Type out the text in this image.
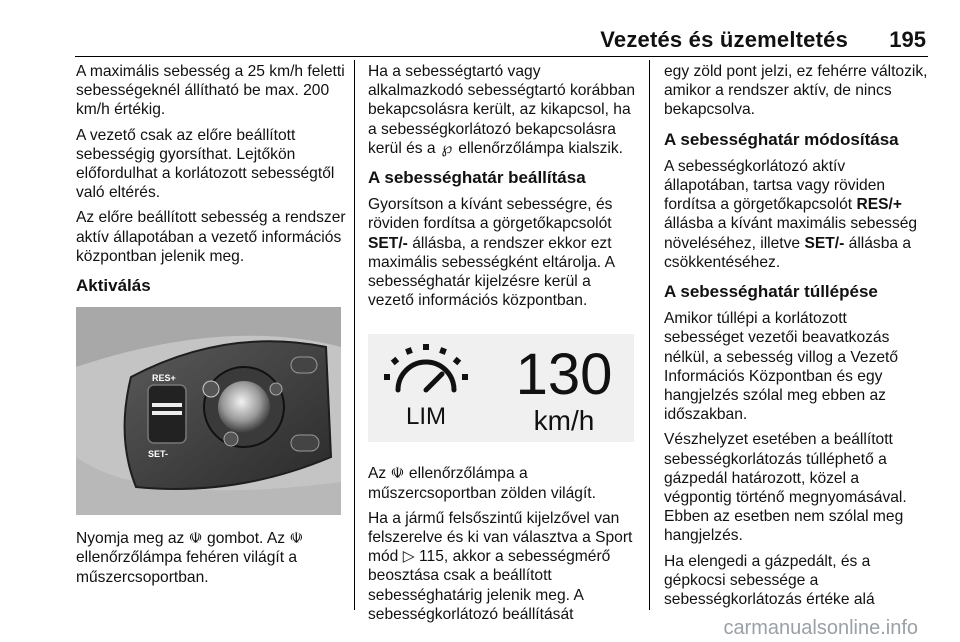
Vezetés és üzemeltetés 195

A maximális sebesség a 25 km/h feletti sebességeknél állítható be max. 200 km/h értékig.

A vezető csak az előre beállított sebességig gyorsíthat. Lejtőkön előfordulhat a korlátozott sebességtől való eltérés.

Az előre beállított sebesség a rendszer aktív állapotában a vezető információs központban jelenik meg.

Aktiválás
RES+
SET-

Nyomja meg az ☫ gombot. Az ☫ ellenőrzőlámpa fehéren világít a műszercsoportban.

Ha a sebességtartó vagy alkalmazkodó sebességtartó korábban bekapcsolásra került, az kikapcsol, ha a sebességkorlátozó bekapcsolásra kerül és a ℘ ellenőrzőlámpa kialszik.

A sebességhatár beállítása

Gyorsítson a kívánt sebességre, és röviden fordítsa a görgetőkapcsolót SET/- állásba, a rendszer ekkor ezt maximális sebességként eltárolja. A sebességhatár kijelzésre kerül a vezető információs központban.

LIM
130
km/h

Az ☫ ellenőrzőlámpa a műszercsoportban zölden világít.

Ha a jármű felsőszintű kijelzővel van felszerelve és ki van választva a Sport mód ▷ 115, akkor a sebességmérő beosztása csak a beállított sebességhatárig jelenik meg. A sebességkorlátozó beállítását

egy zöld pont jelzi, ez fehérre változik, amikor a rendszer aktív, de nincs bekapcsolva.

A sebességhatár módosítása

A sebességkorlátozó aktív állapotában, tartsa vagy röviden fordítsa a görgetőkapcsolót RES/+ állásba a kívánt maximális sebesség növeléséhez, illetve SET/- állásba a csökkentéséhez.

A sebességhatár túllépése

Amikor túllépi a korlátozott sebességet vezetői beavatkozás nélkül, a sebesség villog a Vezető Információs Központban és egy hangjelzés szólal meg ebben az időszakban.

Vészhelyzet esetében a beállított sebességkorlátozás túlléphető a gázpedál határozott, közel a végpontig történő megnyomásával. Ebben az esetben nem szólal meg hangjelzés.

Ha elengedi a gázpedált, és a gépkocsi sebessége a sebességkorlátozás értéke alá

carmanualsonline.info
